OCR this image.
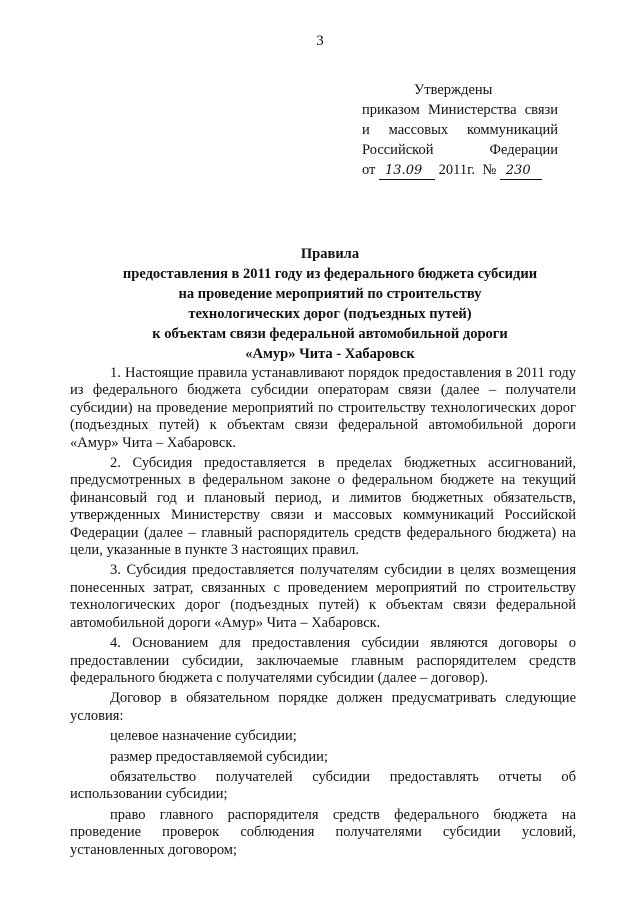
3
Утверждены
приказом Министерства связи
и массовых коммуникаций
Российской Федерации
от 13.09 2011г. № 230
Правила
предоставления в 2011 году из федерального бюджета субсидии
на проведение мероприятий по строительству
технологических дорог (подъездных путей)
к объектам связи федеральной автомобильной дороги
«Амур» Чита - Хабаровск

1. Настоящие правила устанавливают порядок предоставления в 2011 году из федерального бюджета субсидии операторам связи (далее – получатели субсидии) на проведение мероприятий по строительству технологических дорог (подъездных путей) к объектам связи федеральной автомобильной дороги «Амур» Чита – Хабаровск.

2. Субсидия предоставляется в пределах бюджетных ассигнований, предусмотренных в федеральном законе о федеральном бюджете на текущий финансовый год и плановый период, и лимитов бюджетных обязательств, утвержденных Министерству связи и массовых коммуникаций Российской Федерации (далее – главный распорядитель средств федерального бюджета) на цели, указанные в пункте 3 настоящих правил.

3. Субсидия предоставляется получателям субсидии в целях возмещения понесенных затрат, связанных с проведением мероприятий по строительству технологических дорог (подъездных путей) к объектам связи федеральной автомобильной дороги «Амур» Чита – Хабаровск.

4. Основанием для предоставления субсидии являются договоры о предоставлении субсидии, заключаемые главным распорядителем средств федерального бюджета с получателями субсидии (далее – договор).

Договор в обязательном порядке должен предусматривать следующие условия:

целевое назначение субсидии;

размер предоставляемой субсидии;

обязательство получателей субсидии предоставлять отчеты об использовании субсидии;

право главного распорядителя средств федерального бюджета на проведение проверок соблюдения получателями субсидии условий, установленных договором;
